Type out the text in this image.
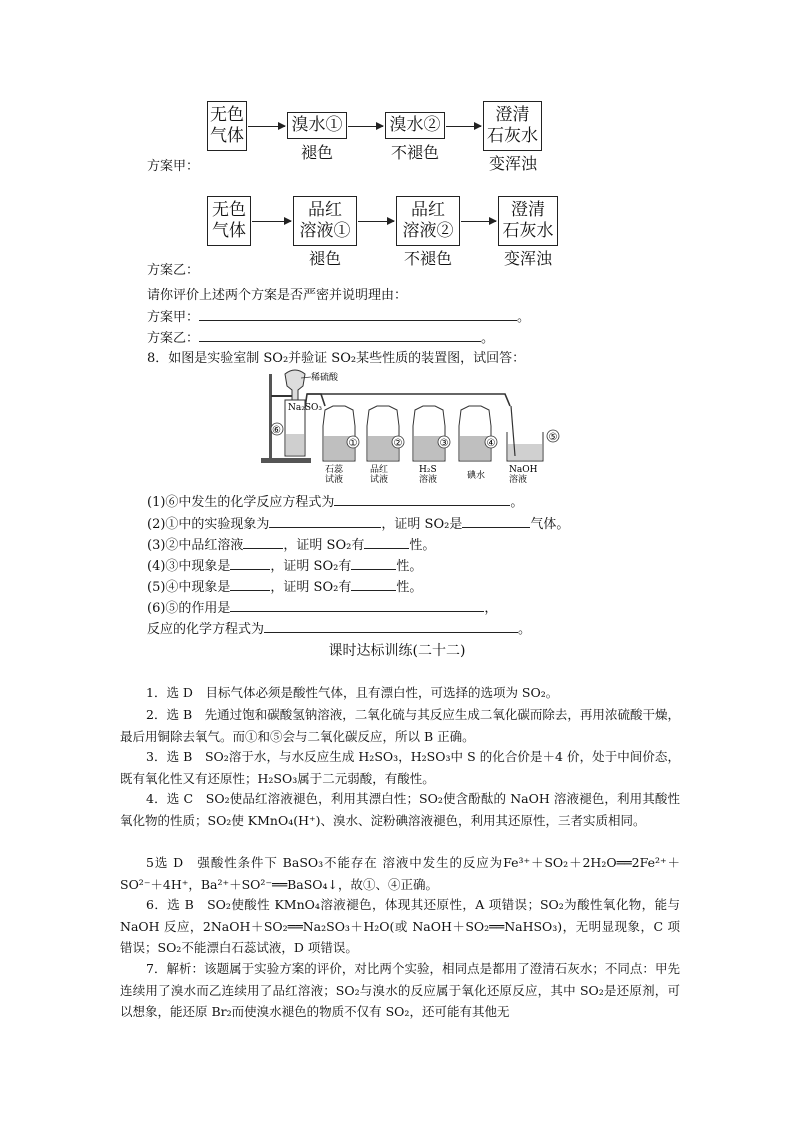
无色
气体
溴水①	溴水②	澄清
石灰水
褪色	不褪色
变浑浊
方案甲：
无色
气体
品红
溶液①
品红
溶液②
澄清
石灰水
褪色	不褪色	变浑浊
方案乙：
请你评价上述两个方案是否严密并说明理由：
方案甲：	。
方案乙：	。
8．如图是实验室制 SO₂并验证 SO₂某些性质的装置图，试回答：
稀硫酸
Na₂SO₃
⑥
①
石蕊试液
②
品红试液
③
H₂S 溶液
④
碘水
⑤
NaOH 溶液
(1)⑥中发生的化学反应方程式为	。
(2)①中的实验现象为	，证明 SO₂是	气体。
(3)②中品红溶液	，证明 SO₂有	性。
(4)③中现象是	，证明 SO₂有	性。
(5)④中现象是	，证明 SO₂有	性。
(6)⑤的作用是	，
反应的化学方程式为	。
课时达标训练(二十二)
1．选 D　目标气体必须是酸性气体，且有漂白性，可选择的选项为 SO₂。
2．选 B　先通过饱和碳酸氢钠溶液，二氧化硫与其反应生成二氧化碳而除去，再用浓硫酸干燥，最后用铜除去氧气。而①和⑤会与二氧化碳反应，所以 B 正确。
3．选 B　SO₂溶于水，与水反应生成 H₂SO₃，H₂SO₃中 S 的化合价是＋4 价，处于中间价态，既有氧化性又有还原性；H₂SO₃属于二元弱酸，有酸性。
4．选 C　SO₂使品红溶液褪色，利用其漂白性；SO₂使含酚酞的 NaOH 溶液褪色，利用其酸性氧化物的性质；SO₂使 KMnO₄(H⁺)、溴水、淀粉碘溶液褪色，利用其还原性，三者实质相同。
5选 D　强酸性条件下 BaSO₃不能存在 溶液中发生的反应为Fe³⁺＋SO₂＋2H₂O══2Fe²⁺＋SO²⁻＋4H⁺，Ba²⁺＋SO²⁻══BaSO₄↓，故①、④正确。
6．选 B　SO₂使酸性 KMnO₄溶液褪色，体现其还原性，A 项错误；SO₂为酸性氧化物，能与 NaOH 反应，2NaOH＋SO₂══Na₂SO₃＋H₂O(或 NaOH＋SO₂══NaHSO₃)，无明显现象，C 项错误；SO₂不能漂白石蕊试液，D 项错误。
7．解析：该题属于实验方案的评价，对比两个实验，相同点是都用了澄清石灰水；不同点：甲先连续用了溴水而乙连续用了品红溶液；SO₂与溴水的反应属于氧化还原反应，其中 SO₂是还原剂，可以想象，能还原 Br₂而使溴水褪色的物质不仅有 SO₂，还可能有其他无
